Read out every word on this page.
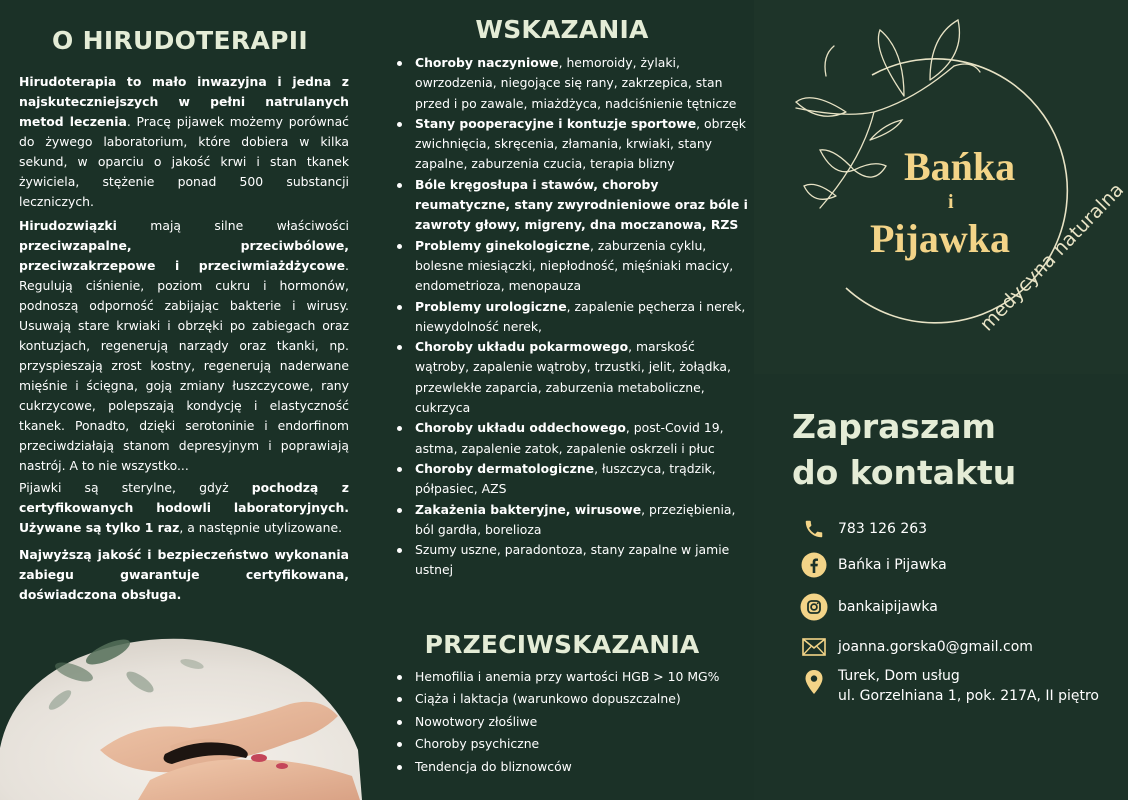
O HIRUDOTERAPII

Hirudoterapia to mało inwazyjna i jedna z najskuteczniejszych w pełni natrulanych metod leczenia. Pracę pijawek możemy porównać do żywego laboratorium, które dobiera w kilka sekund, w oparciu o jakość krwi i stan tkanek żywiciela, stężenie ponad 500 substancji leczniczych.

Hirudozwiązki mają silne właściwości przeciwzapalne, przeciwbólowe, przeciwzakrzepowe i przeciwmiażdżycowe. Regulują ciśnienie, poziom cukru i hormonów, podnoszą odporność zabijając bakterie i wirusy. Usuwają stare krwiaki i obrzęki po zabiegach oraz kontuzjach, regenerują narządy oraz tkanki, np. przyspieszają zrost kostny, regenerują naderwane mięśnie i ścięgna, goją zmiany łuszczycowe, rany cukrzycowe, polepszają kondycję i elastyczność tkanek. Ponadto, dzięki serotoninie i endorfinom przeciwdziałają stanom depresyjnym i poprawiają nastrój. A to nie wszystko...

Pijawki są sterylne, gdyż pochodzą z certyfikowanych hodowli laboratoryjnych. Używane są tylko 1 raz, a następnie utylizowane.

Najwyższą jakość i bezpieczeństwo wykonania zabiegu gwarantuje certyfikowana, doświadczona obsługa.

WSKAZANIA
Choroby naczyniowe, hemoroidy, żylaki, owrzodzenia, niegojące się rany, zakrzepica, stan przed i po zawale, miażdżyca, nadciśnienie tętnicze
Stany pooperacyjne i kontuzje sportowe, obrzęk zwichnięcia, skręcenia, złamania, krwiaki, stany zapalne, zaburzenia czucia, terapia blizny
Bóle kręgosłupa i stawów, choroby reumatyczne, stany zwyrodnieniowe oraz bóle i zawroty głowy, migreny, dna moczanowa, RZS
Problemy ginekologiczne, zaburzenia cyklu, bolesne miesiączki, niepłodność, mięśniaki macicy, endometrioza, menopauza
Problemy urologiczne, zapalenie pęcherza i nerek, niewydolność nerek,
Choroby układu pokarmowego, marskość wątroby, zapalenie wątroby, trzustki, jelit, żołądka, przewlekłe zaparcia, zaburzenia metaboliczne, cukrzyca
Choroby układu oddechowego, post-Covid 19, astma, zapalenie zatok, zapalenie oskrzeli i płuc
Choroby dermatologiczne, łuszczyca, trądzik, półpasiec, AZS
Zakażenia bakteryjne, wirusowe, przeziębienia, ból gardła, borelioza
Szumy uszne, paradontoza, stany zapalne w jamie ustnej
PRZECIWSKAZANIA
Hemofilia i anemia przy wartości HGB > 10 MG%
Ciąża i laktacja (warunkowo dopuszczalne)
Nowotwory złośliwe
Choroby psychiczne
Tendencja do bliznowców
Bańka
i
Pijawka
medycyna naturalna
Zapraszam
do kontaktu
783 126 263
Bańka i Pijawka
bankaipijawka
joanna.gorska0@gmail.com
Turek, Dom usług
ul. Gorzelniana 1, pok. 217A, II piętro
